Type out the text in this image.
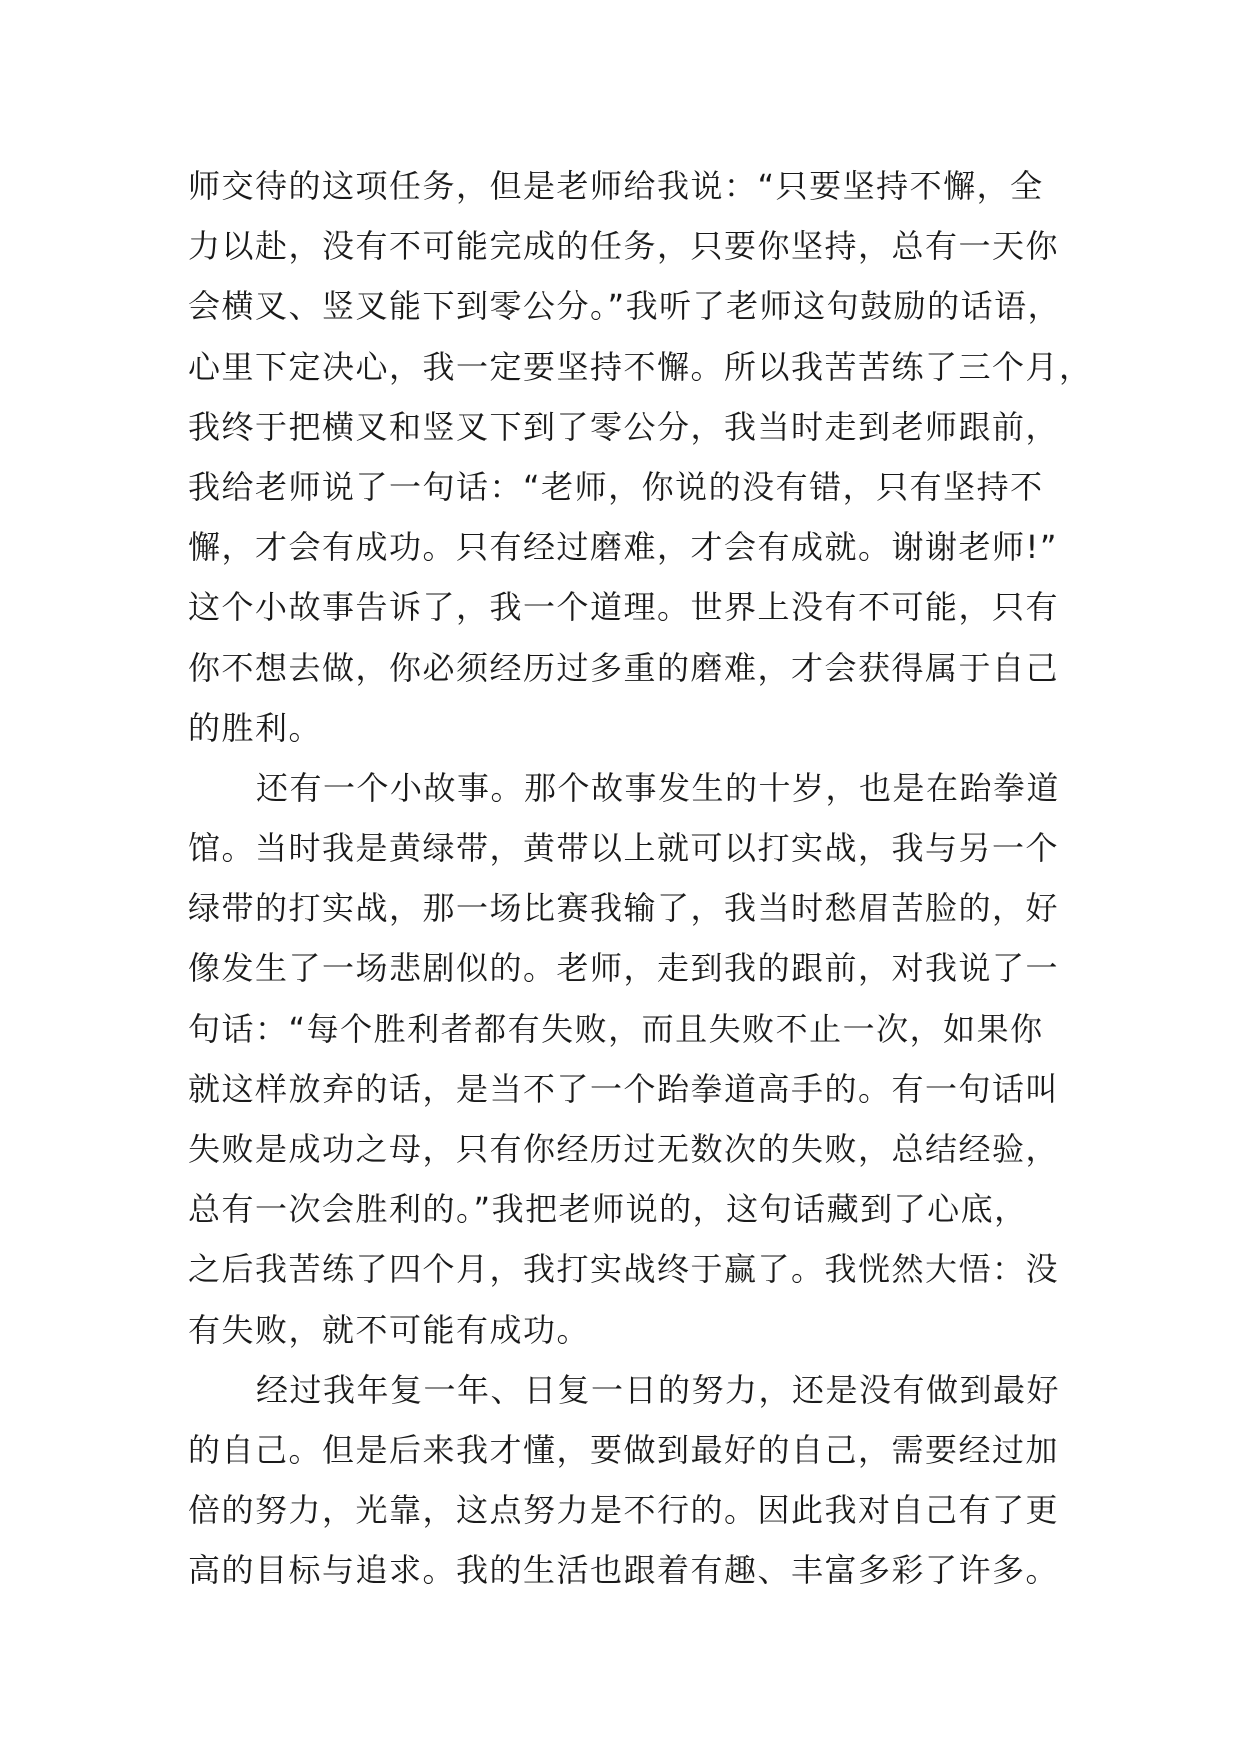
师交待的这项任务，但是老师给我说：“只要坚持不懈，全
力以赴，没有不可能完成的任务，只要你坚持，总有一天你
会横叉、竖叉能下到零公分。”我听了老师这句鼓励的话语，
心里下定决心，我一定要坚持不懈。所以我苦苦练了三个月，
我终于把横叉和竖叉下到了零公分，我当时走到老师跟前，
我给老师说了一句话：“老师，你说的没有错，只有坚持不
懈，才会有成功。只有经过磨难，才会有成就。谢谢老师!”
这个小故事告诉了，我一个道理。世界上没有不可能，只有
你不想去做，你必须经历过多重的磨难，才会获得属于自己
的胜利。
还有一个小故事。那个故事发生的十岁，也是在跆拳道
馆。当时我是黄绿带，黄带以上就可以打实战，我与另一个
绿带的打实战，那一场比赛我输了，我当时愁眉苦脸的，好
像发生了一场悲剧似的。老师，走到我的跟前，对我说了一
句话：“每个胜利者都有失败，而且失败不止一次，如果你
就这样放弃的话，是当不了一个跆拳道高手的。有一句话叫
失败是成功之母，只有你经历过无数次的失败，总结经验，
总有一次会胜利的。”我把老师说的，这句话藏到了心底，
之后我苦练了四个月，我打实战终于赢了。我恍然大悟：没
有失败，就不可能有成功。
经过我年复一年、日复一日的努力，还是没有做到最好
的自己。但是后来我才懂，要做到最好的自己，需要经过加
倍的努力，光靠，这点努力是不行的。因此我对自己有了更
高的目标与追求。我的生活也跟着有趣、丰富多彩了许多。
